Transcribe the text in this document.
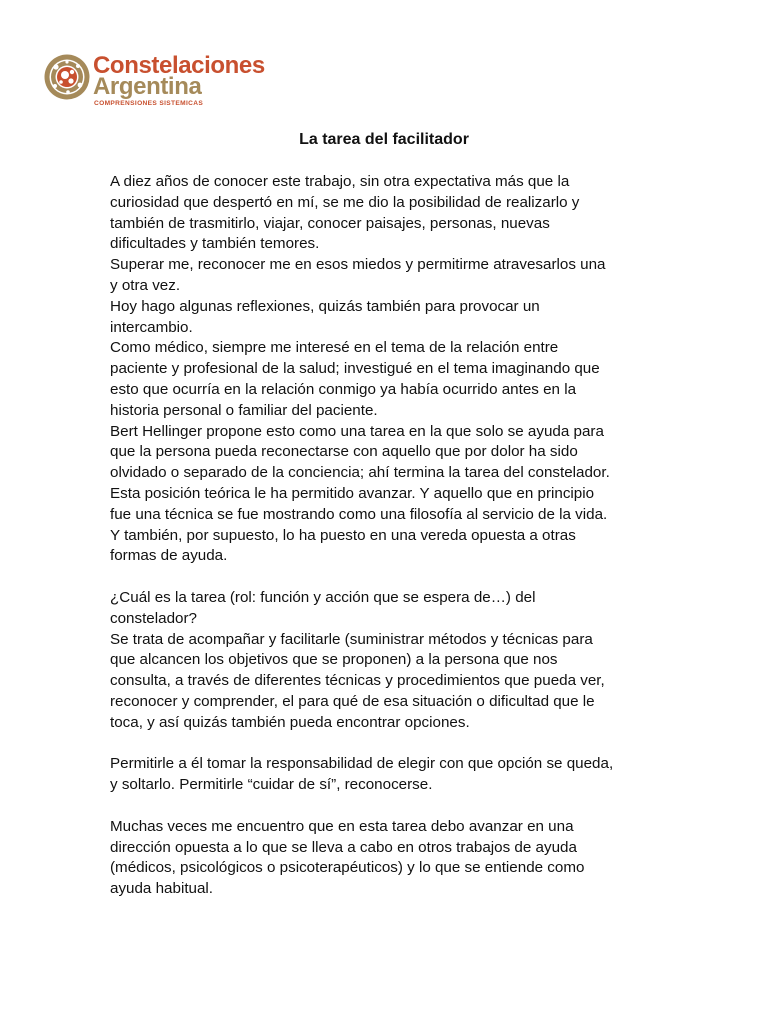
Constelaciones
Argentina
COMPRENSIONES SISTEMICAS
La tarea del facilitador
A diez años de conocer este trabajo, sin otra expectativa más que la
curiosidad que despertó en mí, se me dio la posibilidad de realizarlo y
también de trasmitirlo, viajar, conocer paisajes, personas, nuevas
dificultades y también temores.
Superar me, reconocer me en esos miedos y permitirme atravesarlos una
y otra vez.
Hoy hago algunas reflexiones, quizás también para provocar un
intercambio.
Como médico, siempre me interesé en el tema de la relación entre
paciente y profesional de la salud; investigué en el tema imaginando que
esto que ocurría en la relación conmigo ya había ocurrido antes en la
historia personal o familiar del paciente.
Bert Hellinger propone esto como una tarea en la que solo se ayuda para
que la persona pueda reconectarse con aquello que por dolor ha sido
olvidado o separado de la conciencia; ahí termina la tarea del constelador.
Esta posición teórica le ha permitido avanzar. Y aquello que en principio
fue una técnica se fue mostrando como una filosofía al servicio de la vida.
Y también, por supuesto, lo ha puesto en una vereda opuesta a otras
formas de ayuda.
¿Cuál es la tarea (rol: función y acción que se espera de…) del
constelador?
Se trata de acompañar y facilitarle (suministrar métodos y técnicas para
que alcancen los objetivos que se proponen) a la persona que nos
consulta, a través de diferentes técnicas y procedimientos que pueda ver,
reconocer y comprender, el para qué de esa situación o dificultad que le
toca, y así quizás también pueda encontrar opciones.
Permitirle a él tomar la responsabilidad de elegir con que opción se queda,
y soltarlo. Permitirle “cuidar de sí”, reconocerse.
Muchas veces me encuentro que en esta tarea debo avanzar en una
dirección opuesta a lo que se lleva a cabo en otros trabajos de ayuda
(médicos, psicológicos o psicoterapéuticos) y lo que se entiende como
ayuda habitual.
